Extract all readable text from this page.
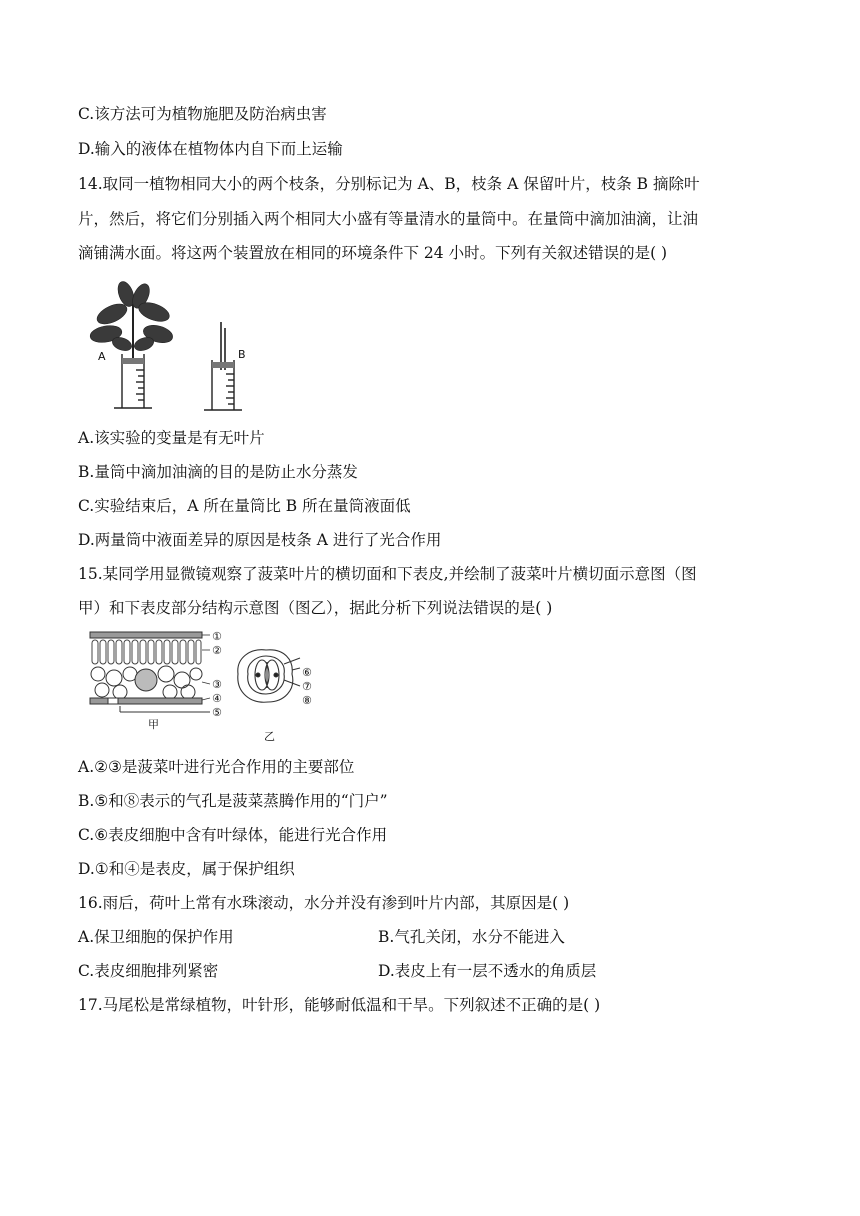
C.该方法可为植物施肥及防治病虫害
D.输入的液体在植物体内自下而上运输
14.取同一植物相同大小的两个枝条，分别标记为 A、B，枝条 A 保留叶片，枝条 B 摘除叶
片，然后，将它们分别插入两个相同大小盛有等量清水的量筒中。在量筒中滴加油滴，让油
滴铺满水面。将这两个装置放在相同的环境条件下 24 小时。下列有关叙述错误的是( )
A	B
A.该实验的变量是有无叶片
B.量筒中滴加油滴的目的是防止水分蒸发
C.实验结束后，A 所在量筒比 B 所在量筒液面低
D.两量筒中液面差异的原因是枝条 A 进行了光合作用
15.某同学用显微镜观察了菠菜叶片的横切面和下表皮,并绘制了菠菜叶片横切面示意图（图
甲）和下表皮部分结构示意图（图乙），据此分析下列说法错误的是( )
①
②
③
④
⑤
甲
⑥
⑦
⑧
乙
A.②③是菠菜叶进行光合作用的主要部位
B.⑤和⑧表示的气孔是菠菜蒸腾作用的“门户”
C.⑥表皮细胞中含有叶绿体，能进行光合作用
D.①和④是表皮，属于保护组织
16.雨后，荷叶上常有水珠滚动，水分并没有渗到叶片内部，其原因是( )
A.保卫细胞的保护作用	B.气孔关闭，水分不能进入
C.表皮细胞排列紧密	D.表皮上有一层不透水的角质层
17.马尾松是常绿植物，叶针形，能够耐低温和干旱。下列叙述不正确的是( )
